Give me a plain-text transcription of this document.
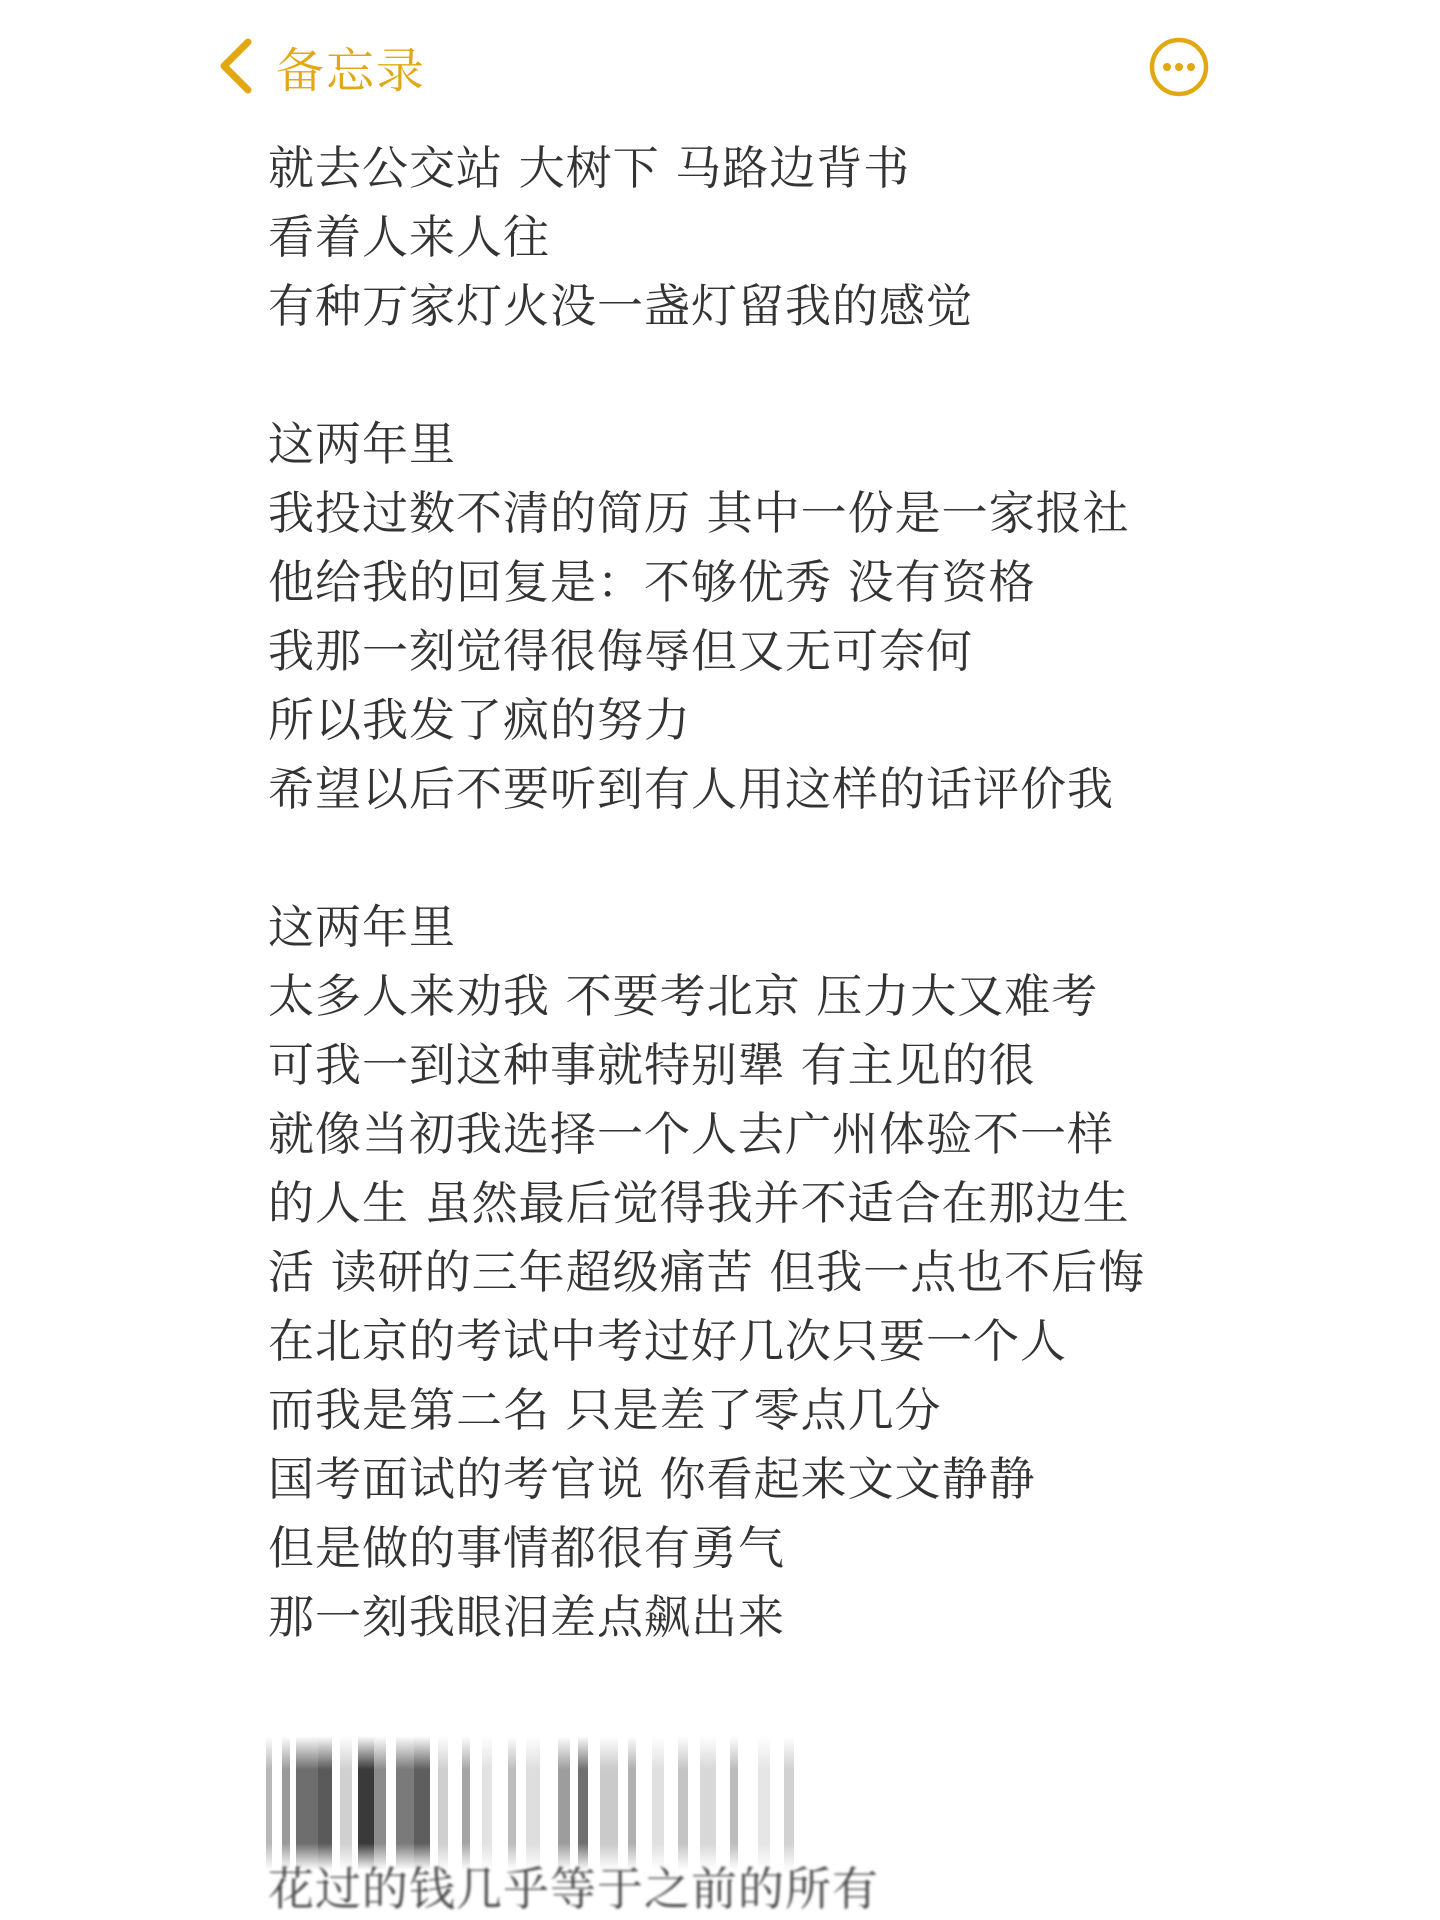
备忘录
就去公交站 大树下 马路边背书
看着人来人往
有种万家灯火没一盏灯留我的感觉
这两年里
我投过数不清的简历 其中一份是一家报社
他给我的回复是：不够优秀 没有资格
我那一刻觉得很侮辱但又无可奈何
所以我发了疯的努力
希望以后不要听到有人用这样的话评价我
这两年里
太多人来劝我 不要考北京 压力大又难考
可我一到这种事就特别犟 有主见的很
就像当初我选择一个人去广州体验不一样
的人生 虽然最后觉得我并不适合在那边生
活 读研的三年超级痛苦 但我一点也不后悔
在北京的考试中考过好几次只要一个人
而我是第二名 只是差了零点几分
国考面试的考官说 你看起来文文静静
但是做的事情都很有勇气
那一刻我眼泪差点飙出来
花过的钱几乎等于之前的所有
